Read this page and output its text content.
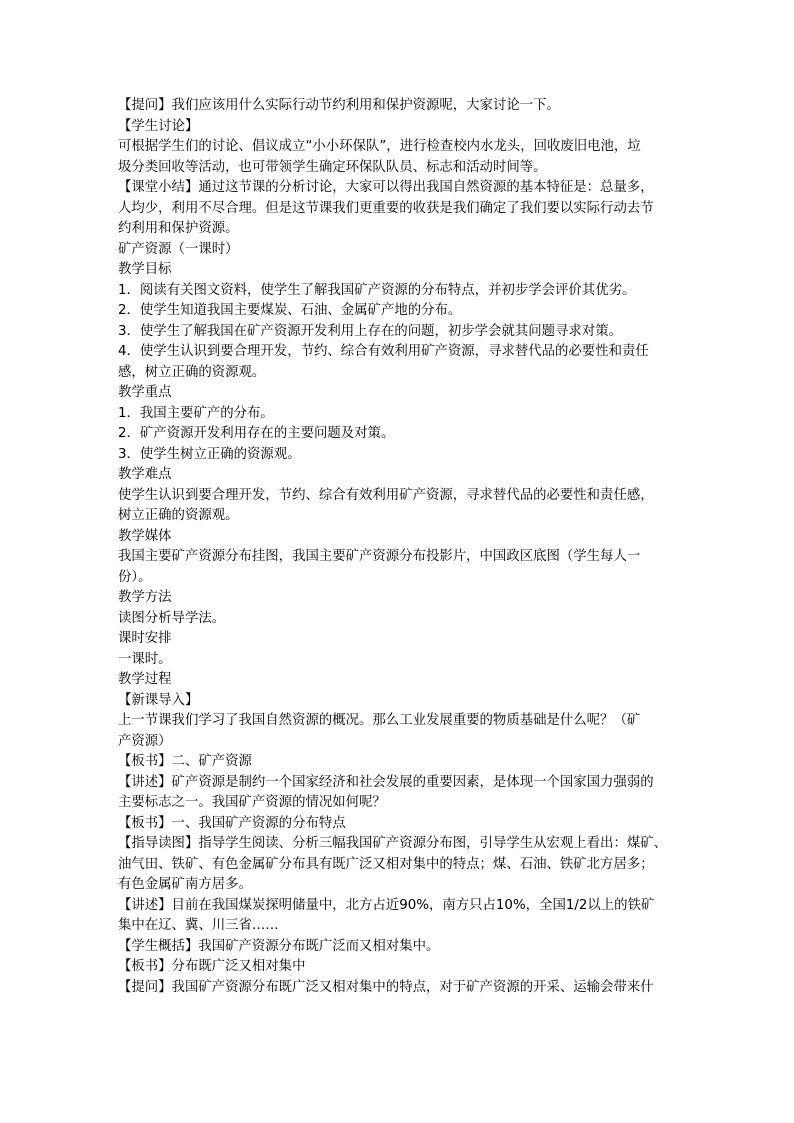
【提问】我们应该用什么实际行动节约利用和保护资源呢，大家讨论一下。

【学生讨论】

可根据学生们的讨论、倡议成立“小小环保队”，进行检查校内水龙头，回收废旧电池，垃

圾分类回收等活动，也可带领学生确定环保队队员、标志和活动时间等。

【课堂小结】通过这节课的分析讨论，大家可以得出我国自然资源的基本特征是：总量多，

人均少，利用不尽合理。但是这节课我们更重要的收获是我们确定了我们要以实际行动去节

约利用和保护资源。

矿产资源（一课时）

教学目标

1．阅读有关图文资料，使学生了解我国矿产资源的分布特点，并初步学会评价其优劣。

2．使学生知道我国主要煤炭、石油、金属矿产地的分布。

3．使学生了解我国在矿产资源开发利用上存在的问题，初步学会就其问题寻求对策。

4．使学生认识到要合理开发，节约、综合有效利用矿产资源，寻求替代品的必要性和责任

感，树立正确的资源观。

教学重点

1．我国主要矿产的分布。

2．矿产资源开发利用存在的主要问题及对策。

3．使学生树立正确的资源观。

教学难点

使学生认识到要合理开发，节约、综合有效利用矿产资源，寻求替代品的必要性和责任感，

树立正确的资源观。

教学媒体

我国主要矿产资源分布挂图，我国主要矿产资源分布投影片，中国政区底图（学生每人一

份）。

教学方法

读图分析导学法。

课时安排

一课时。

教学过程

【新课导入】

上一节课我们学习了我国自然资源的概况。那么工业发展重要的物质基础是什么呢？（矿

产资源）

【板书】二、矿产资源

【讲述】矿产资源是制约一个国家经济和社会发展的重要因素，是体现一个国家国力强弱的

主要标志之一。我国矿产资源的情况如何呢？

【板书】一、我国矿产资源的分布特点

【指导读图】指导学生阅读、分析三幅我国矿产资源分布图，引导学生从宏观上看出：煤矿、

油气田、铁矿、有色金属矿分布具有既广泛又相对集中的特点；煤、石油、铁矿北方居多；

有色金属矿南方居多。

【讲述】目前在我国煤炭探明储量中，北方占近90%，南方只占10%，全国1/2以上的铁矿

集中在辽、冀、川三省……

【学生概括】我国矿产资源分布既广泛而又相对集中。

【板书】分布既广泛又相对集中

【提问】我国矿产资源分布既广泛又相对集中的特点，对于矿产资源的开采、运输会带来什
